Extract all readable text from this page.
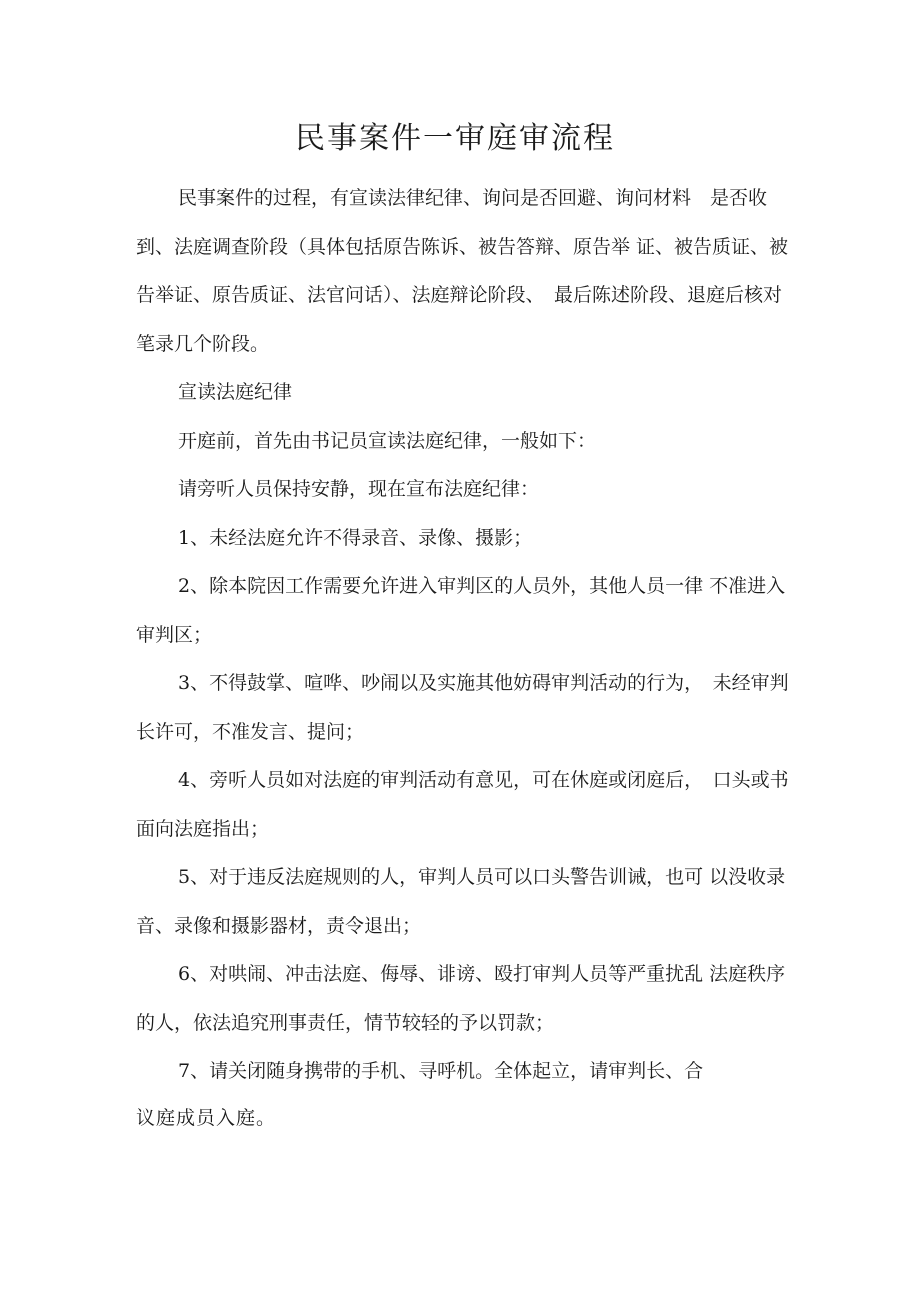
民事案件一审庭审流程

民事案件的过程，有宣读法律纪律、询问是否回避、询问材料　是否收到、法庭调查阶段（具体包括原告陈诉、被告答辩、原告举 证、被告质证、被告举证、原告质证、法官问话）、法庭辩论阶段、　最后陈述阶段、退庭后核对笔录几个阶段。

宣读法庭纪律

开庭前，首先由书记员宣读法庭纪律，一般如下：

请旁听人员保持安静，现在宣布法庭纪律：

1、未经法庭允许不得录音、录像、摄影；

2、除本院因工作需要允许进入审判区的人员外，其他人员一律 不准进入审判区；

3、不得鼓掌、喧哗、吵闹以及实施其他妨碍审判活动的行为，　未经审判长许可，不准发言、提问；

4、旁听人员如对法庭的审判活动有意见，可在休庭或闭庭后，　口头或书面向法庭指出；

5、对于违反法庭规则的人，审判人员可以口头警告训诫，也可 以没收录音、录像和摄影器材，责令退出；

6、对哄闹、冲击法庭、侮辱、诽谤、殴打审判人员等严重扰乱 法庭秩序的人，依法追究刑事责任，情节较轻的予以罚款；

7、请关闭随身携带的手机、寻呼机。全体起立，请审判长、合

议庭成员入庭。
